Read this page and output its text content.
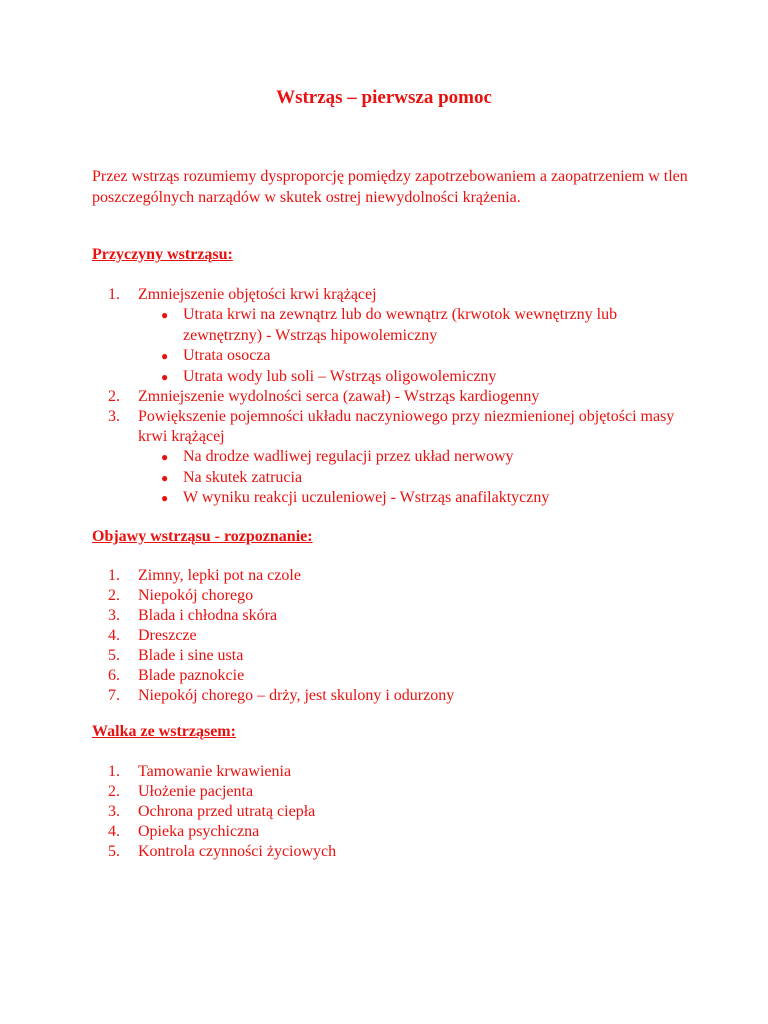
Wstrząs – pierwsza pomoc

Przez wstrząs rozumiemy dysproporcję pomiędzy zapotrzebowaniem a zaopatrzeniem w tlen poszczególnych narządów w skutek ostrej niewydolności krążenia.

Przyczyny wstrząsu:
1.	Zmniejszenie objętości krwi krążącej
● Utrata krwi na zewnątrz lub do wewnątrz (krwotok wewnętrzny lub zewnętrzny) - Wstrząs hipowolemiczny
● Utrata osocza
● Utrata wody lub soli – Wstrząs oligowolemiczny
2.	Zmniejszenie wydolności serca (zawał) - Wstrząs kardiogenny
3.	Powiększenie pojemności układu naczyniowego przy niezmienionej objętości masy krwi krążącej
● Na drodze wadliwej regulacji przez układ nerwowy
● Na skutek zatrucia
● W wyniku reakcji uczuleniowej - Wstrząs anafilaktyczny
Objawy wstrząsu - rozpoznanie:
1.	Zimny, lepki pot na czole
2.	Niepokój chorego
3.	Blada i chłodna skóra
4.	Dreszcze
5.	Blade i sine usta
6.	Blade paznokcie
7.	Niepokój chorego – drży, jest skulony i odurzony
Walka ze wstrząsem:
1.	Tamowanie krwawienia
2.	Ułożenie pacjenta
3.	Ochrona przed utratą ciepła
4.	Opieka psychiczna
5.	Kontrola czynności życiowych
